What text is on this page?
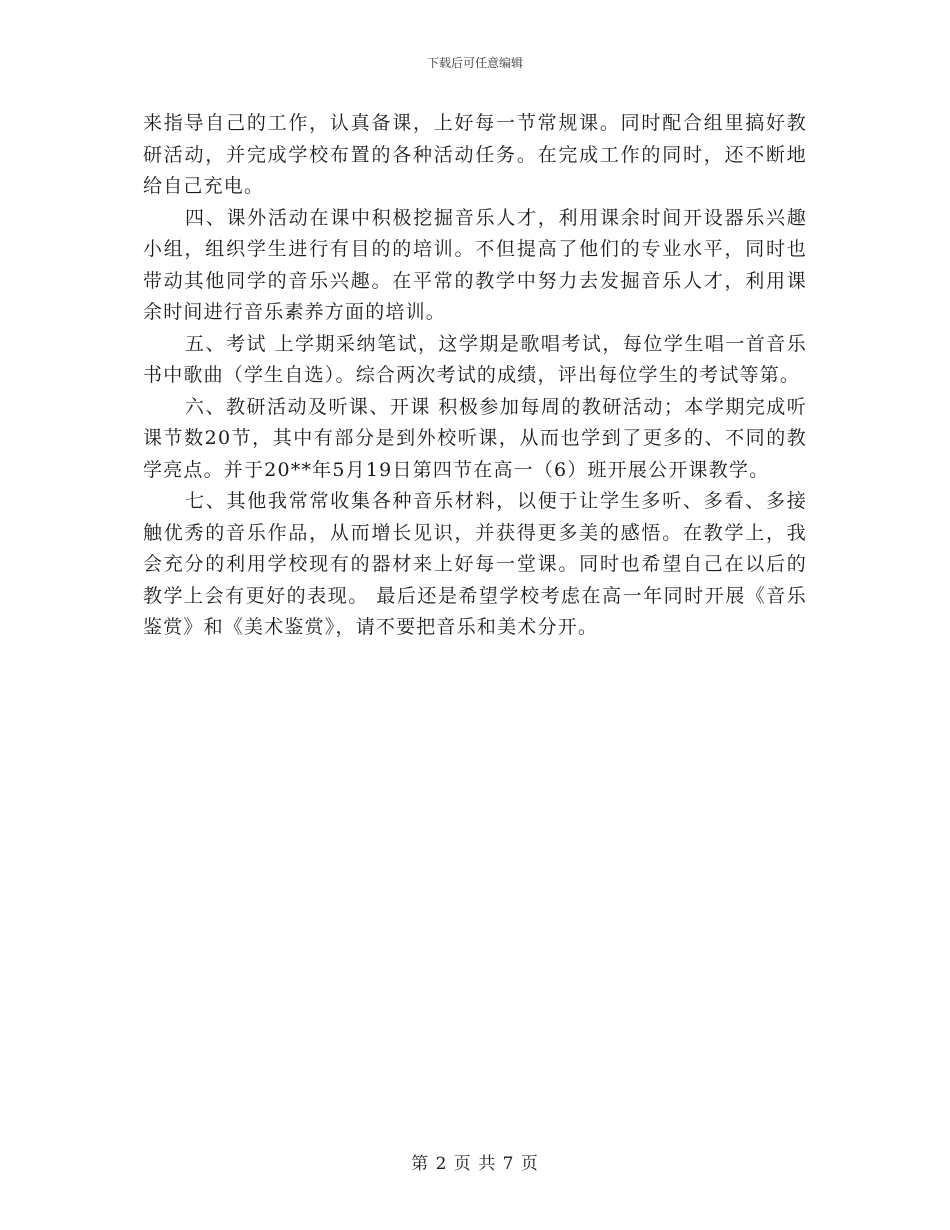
下载后可任意编辑

来指导自己的工作，认真备课，上好每一节常规课。同时配合组里搞好教研活动，并完成学校布置的各种活动任务。在完成工作的同时，还不断地给自己充电。

四、课外活动在课中积极挖掘音乐人才，利用课余时间开设器乐兴趣小组，组织学生进行有目的的培训。不但提高了他们的专业水平，同时也带动其他同学的音乐兴趣。在平常的教学中努力去发掘音乐人才，利用课余时间进行音乐素养方面的培训。

五、考试 上学期采纳笔试，这学期是歌唱考试，每位学生唱一首音乐书中歌曲（学生自选）。综合两次考试的成绩，评出每位学生的考试等第。

六、教研活动及听课、开课 积极参加每周的教研活动；本学期完成听课节数20节，其中有部分是到外校听课，从而也学到了更多的、不同的教学亮点。并于20**年5月19日第四节在高一（6）班开展公开课教学。

七、其他我常常收集各种音乐材料，以便于让学生多听、多看、多接触优秀的音乐作品，从而增长见识，并获得更多美的感悟。在教学上，我会充分的利用学校现有的器材来上好每一堂课。同时也希望自己在以后的教学上会有更好的表现。 最后还是希望学校考虑在高一年同时开展《音乐鉴赏》和《美术鉴赏》，请不要把音乐和美术分开。

第 2 页 共 7 页
